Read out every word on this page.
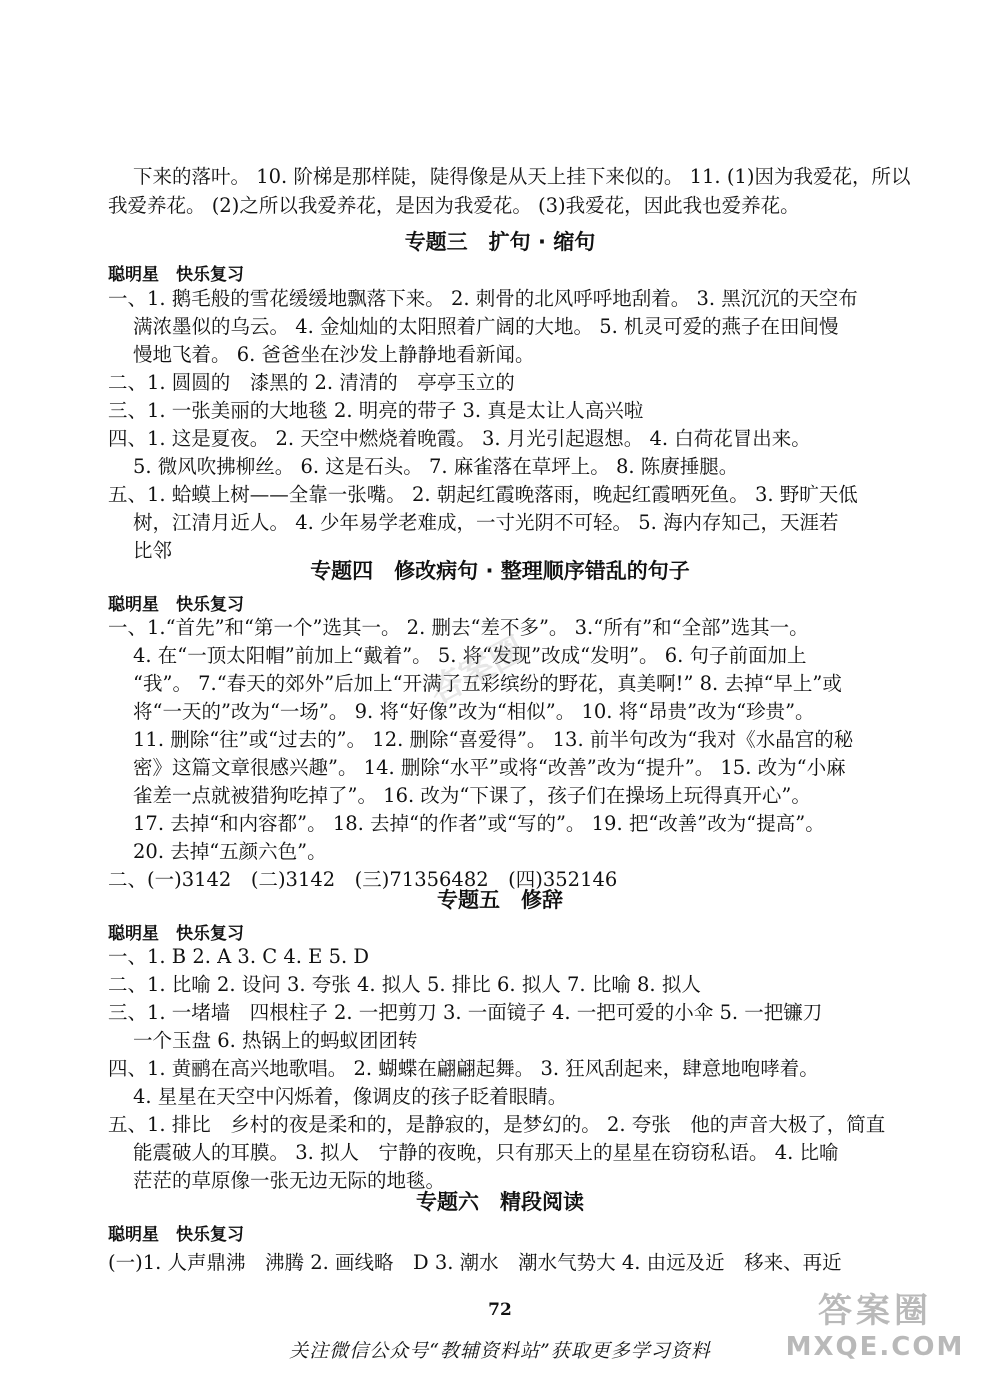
下来的落叶。 10. 阶梯是那样陡，陡得像是从天上挂下来似的。 11. (1)因为我爱花，所以
我爱养花。 (2)之所以我爱养花，是因为我爱花。 (3)我爱花，因此我也爱养花。
专题三　扩句 · 缩句
聪明星　快乐复习
一、1. 鹅毛般的雪花缓缓地飘落下来。 2. 刺骨的北风呼呼地刮着。 3. 黑沉沉的天空布
满浓墨似的乌云。 4. 金灿灿的太阳照着广阔的大地。 5. 机灵可爱的燕子在田间慢
慢地飞着。 6. 爸爸坐在沙发上静静地看新闻。
二、1. 圆圆的　漆黑的 2. 清清的　亭亭玉立的
三、1. 一张美丽的大地毯 2. 明亮的带子 3. 真是太让人高兴啦
四、1. 这是夏夜。 2. 天空中燃烧着晚霞。 3. 月光引起遐想。 4. 白荷花冒出来。
5. 微风吹拂柳丝。 6. 这是石头。 7. 麻雀落在草坪上。 8. 陈赓捶腿。
五、1. 蛤蟆上树——全靠一张嘴。 2. 朝起红霞晚落雨，晚起红霞晒死鱼。 3. 野旷天低
树，江清月近人。 4. 少年易学老难成，一寸光阴不可轻。 5. 海内存知己，天涯若
比邻
专题四　修改病句 · 整理顺序错乱的句子
聪明星　快乐复习
一、1.“首先”和“第一个”选其一。 2. 删去“差不多”。 3.“所有”和“全部”选其一。
4. 在“一顶太阳帽”前加上“戴着”。 5. 将“发现”改成“发明”。 6. 句子前面加上
“我”。 7.“春天的郊外”后加上“开满了五彩缤纷的野花，真美啊!” 8. 去掉“早上”或
将“一天的”改为“一场”。 9. 将“好像”改为“相似”。 10. 将“昂贵”改为“珍贵”。
11. 删除“往”或“过去的”。 12. 删除“喜爱得”。 13. 前半句改为“我对《水晶宫的秘
密》这篇文章很感兴趣”。 14. 删除“水平”或将“改善”改为“提升”。 15. 改为“小麻
雀差一点就被猎狗吃掉了”。 16. 改为“下课了，孩子们在操场上玩得真开心”。
17. 去掉“和内容都”。 18. 去掉“的作者”或“写的”。 19. 把“改善”改为“提高”。
20. 去掉“五颜六色”。
二、(一)3142　(二)3142　(三)71356482　(四)352146
专题五　修辞
聪明星　快乐复习
一、1. B 2. A 3. C 4. E 5. D
二、1. 比喻 2. 设问 3. 夸张 4. 拟人 5. 排比 6. 拟人 7. 比喻 8. 拟人
三、1. 一堵墙　四根柱子 2. 一把剪刀 3. 一面镜子 4. 一把可爱的小伞 5. 一把镰刀
一个玉盘 6. 热锅上的蚂蚁团团转
四、1. 黄鹂在高兴地歌唱。 2. 蝴蝶在翩翩起舞。 3. 狂风刮起来，肆意地咆哮着。
4. 星星在天空中闪烁着，像调皮的孩子眨着眼睛。
五、1. 排比　乡村的夜是柔和的，是静寂的，是梦幻的。 2. 夸张　他的声音大极了，简直
能震破人的耳膜。 3. 拟人　宁静的夜晚，只有那天上的星星在窃窃私语。 4. 比喻
茫茫的草原像一张无边无际的地毯。
专题六　精段阅读
聪明星　快乐复习
(一)1. 人声鼎沸　沸腾 2. 画线略　D 3. 潮水　潮水气势大 4. 由远及近　移来、再近
答案圈
72
关注微信公众号“教辅资料站”获取更多学习资料
答案圈
MXQE.COM
